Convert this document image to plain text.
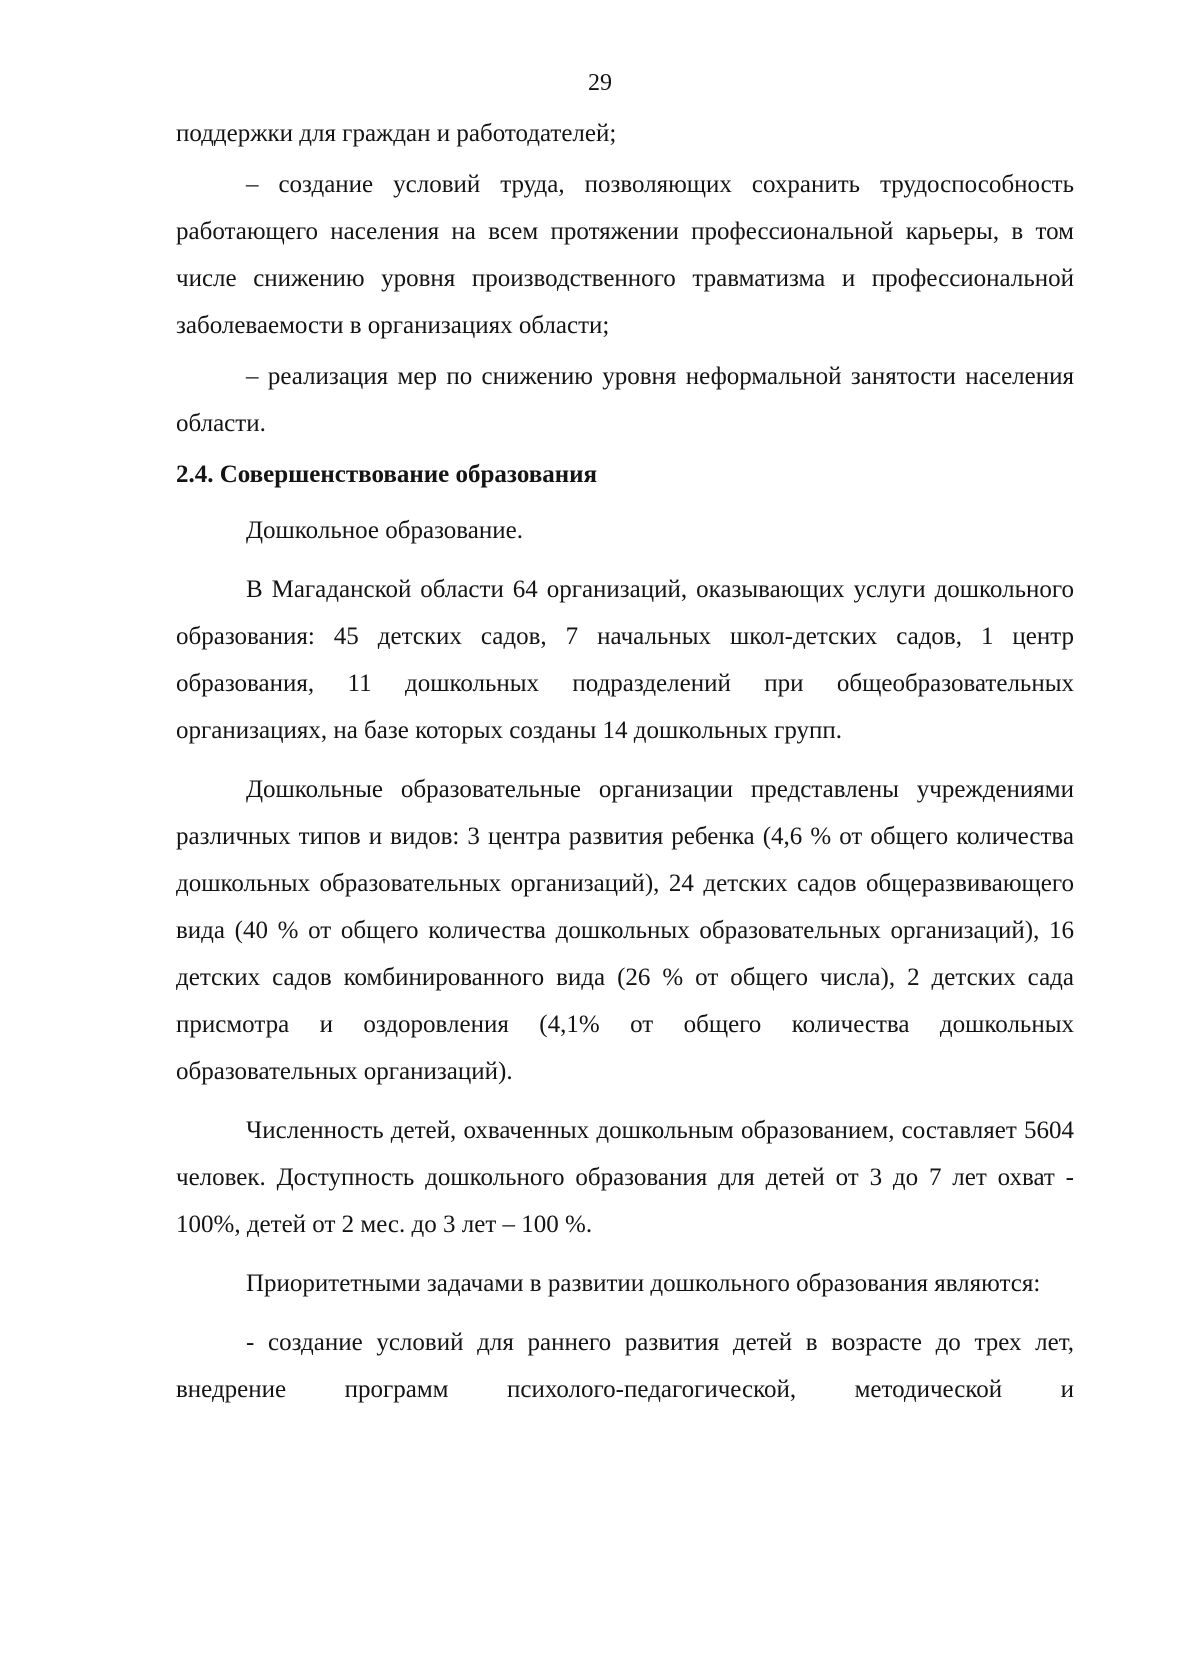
29

поддержки для граждан и работодателей;

– создание условий труда, позволяющих сохранить трудоспособность работающего населения на всем протяжении профессиональной карьеры, в том числе снижению уровня производственного травматизма и профессиональной заболеваемости в организациях области;

– реализация мер по снижению уровня неформальной занятости населения области.

2.4. Совершенствование образования

Дошкольное образование.

В Магаданской области 64 организаций, оказывающих услуги дошкольного образования: 45 детских садов, 7 начальных школ-детских садов, 1 центр образования, 11 дошкольных подразделений при общеобразовательных организациях, на базе которых созданы 14 дошкольных групп.

Дошкольные образовательные организации представлены учреждениями различных типов и видов: 3 центра развития ребенка (4,6 % от общего количества дошкольных образовательных организаций), 24 детских садов общеразвивающего вида (40 % от общего количества дошкольных образовательных организаций), 16 детских садов комбинированного вида (26 % от общего числа), 2 детских сада присмотра и оздоровления (4,1% от общего количества дошкольных образовательных организаций).

Численность детей, охваченных дошкольным образованием, составляет 5604 человек. Доступность дошкольного образования для детей от 3 до 7 лет охват - 100%, детей от 2 мес. до 3 лет – 100 %.

Приоритетными задачами в развитии дошкольного образования являются:

- создание условий для раннего развития детей в возрасте до трех лет, внедрение программ психолого-педагогической, методической и
